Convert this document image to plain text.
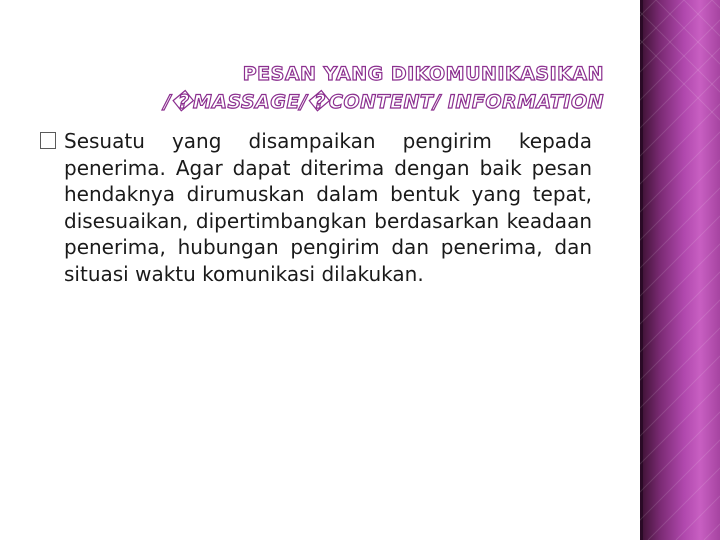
PESAN YANG DIKOMUNIKASIKAN
/�MASSAGE/�CONTENT/ INFORMATION
Sesuatu yang disampaikan pengirim kepada penerima. Agar dapat diterima dengan baik pesan hendaknya dirumuskan dalam bentuk yang tepat, disesuaikan, dipertimbangkan berdasarkan keadaan penerima, hubungan pengirim dan penerima, dan situasi waktu komunikasi dilakukan.
